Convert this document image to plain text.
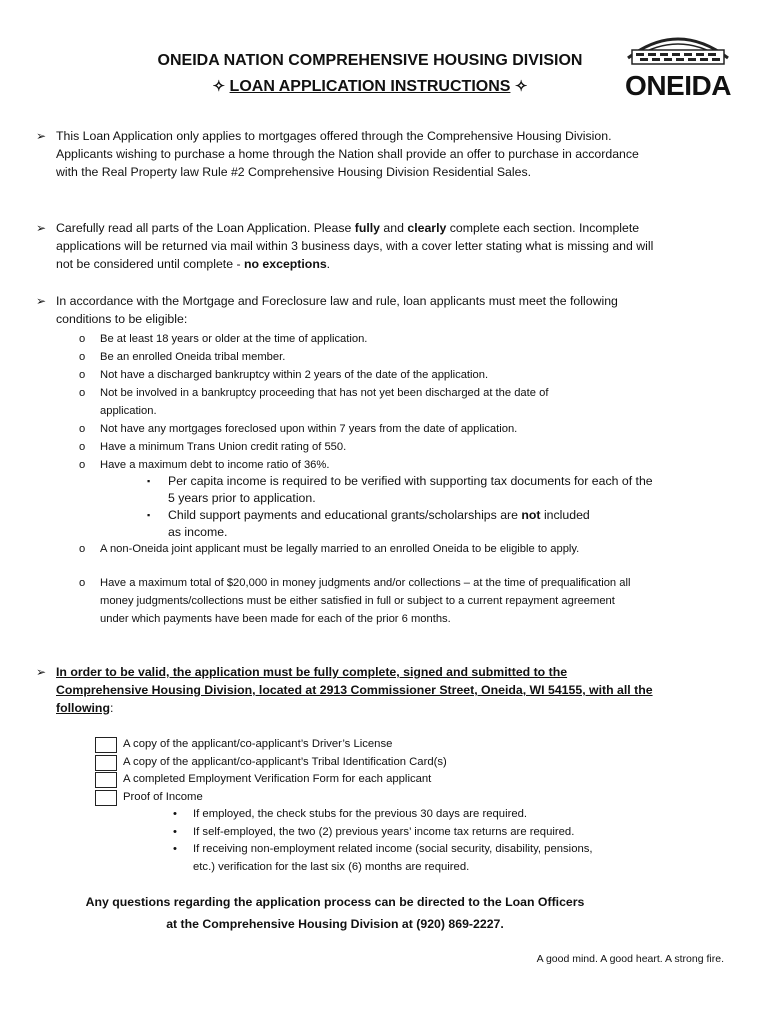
ONEIDA NATION COMPREHENSIVE HOUSING DIVISION
✧ LOAN APPLICATION INSTRUCTIONS ✧	ONEIDA
➢ This Loan Application only applies to mortgages offered through the Comprehensive Housing Division. Applicants wishing to purchase a home through the Nation shall provide an offer to purchase in accordance with the Real Property law Rule #2 Comprehensive Housing Division Residential Sales.
➢ Carefully read all parts of the Loan Application. Please fully and clearly complete each section. Incomplete applications will be returned via mail within 3 business days, with a cover letter stating what is missing and will not be considered until complete - no exceptions.
➢ In accordance with the Mortgage and Foreclosure law and rule, loan applicants must meet the following conditions to be eligible:
o Be at least 18 years or older at the time of application.
o Be an enrolled Oneida tribal member.
o Not have a discharged bankruptcy within 2 years of the date of the application.
o Not be involved in a bankruptcy proceeding that has not yet been discharged at the date of application.
o Not have any mortgages foreclosed upon within 7 years from the date of application.
o Have a minimum Trans Union credit rating of 550.
o Have a maximum debt to income ratio of 36%.
▪ Per capita income is required to be verified with supporting tax documents for each of the 5 years prior to application.
▪ Child support payments and educational grants/scholarships are not included as income.
o A non-Oneida joint applicant must be legally married to an enrolled Oneida to be eligible to apply.
o Have a maximum total of $20,000 in money judgments and/or collections – at the time of prequalification all money judgments/collections must be either satisfied in full or subject to a current repayment agreement under which payments have been made for each of the prior 6 months.
➢ In order to be valid, the application must be fully complete, signed and submitted to the Comprehensive Housing Division, located at 2913 Commissioner Street, Oneida, WI 54155, with all the following:
A copy of the applicant/co-applicant’s Driver’s License
A copy of the applicant/co-applicant’s Tribal Identification Card(s)
A completed Employment Verification Form for each applicant
Proof of Income
• If employed, the check stubs for the previous 30 days are required.
• If self-employed, the two (2) previous years’ income tax returns are required.
• If receiving non-employment related income (social security, disability, pensions, etc.) verification for the last six (6) months are required.
Any questions regarding the application process can be directed to the Loan Officers
at the Comprehensive Housing Division at (920) 869-2227.
A good mind. A good heart. A strong fire.
